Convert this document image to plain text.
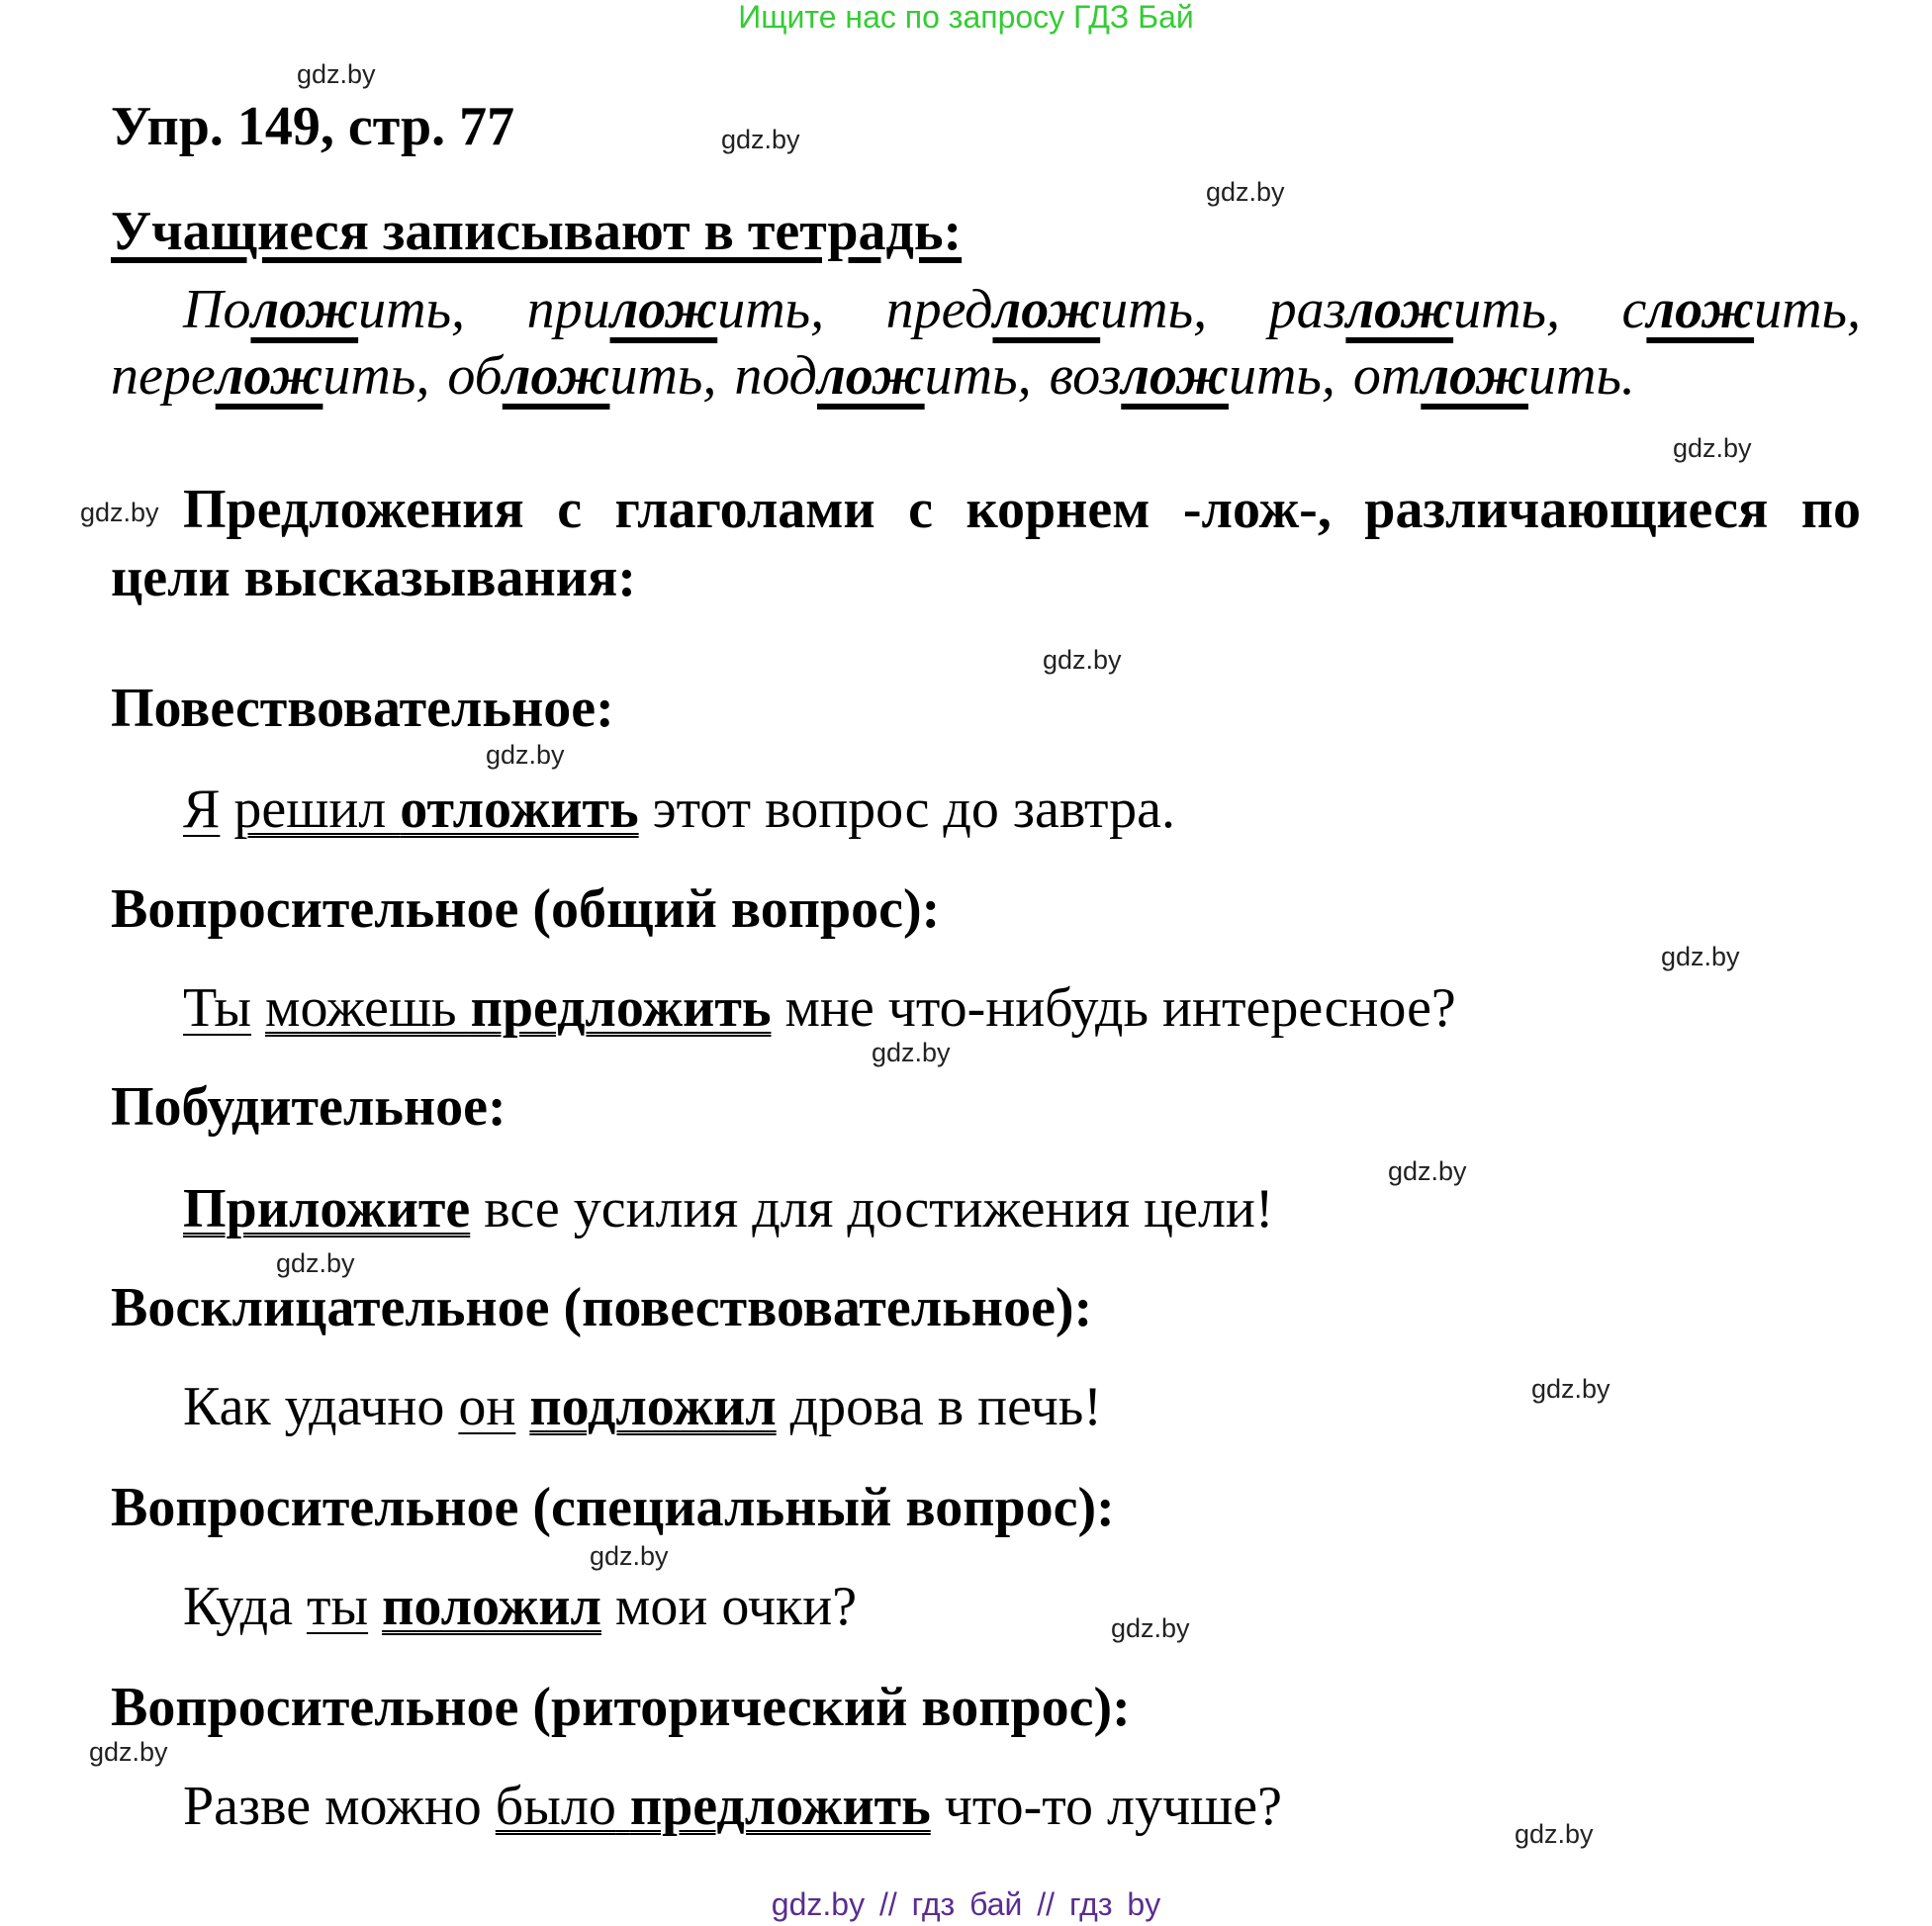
Ищите нас по запросу ГДЗ Бай
Упр. 149, стр. 77
Учащиеся записывают в тетрадь:
Положить, приложить, предложить, разложить, сложить,
переложить, обложить, подложить, возложить, отложить.
Предложения с глаголами с корнем -лож-, различающиеся по
цели высказывания:
Повествовательное:
Я решил отложить этот вопрос до завтра.
Вопросительное (общий вопрос):
Ты можешь предложить мне что-нибудь интересное?
Побудительное:
Приложите все усилия для достижения цели!
Восклицательное (повествовательное):
Как удачно он подложил дрова в печь!
Вопросительное (специальный вопрос):
Куда ты положил мои очки?
Вопросительное (риторический вопрос):
Разве можно было предложить что-то лучше?
gdz.by
gdz.by
gdz.by
gdz.by
gdz.by
gdz.by
gdz.by
gdz.by
gdz.by
gdz.by
gdz.by
gdz.by
gdz.by
gdz.by
gdz.by
gdz.by
gdz.by // гдз бай // гдз by
